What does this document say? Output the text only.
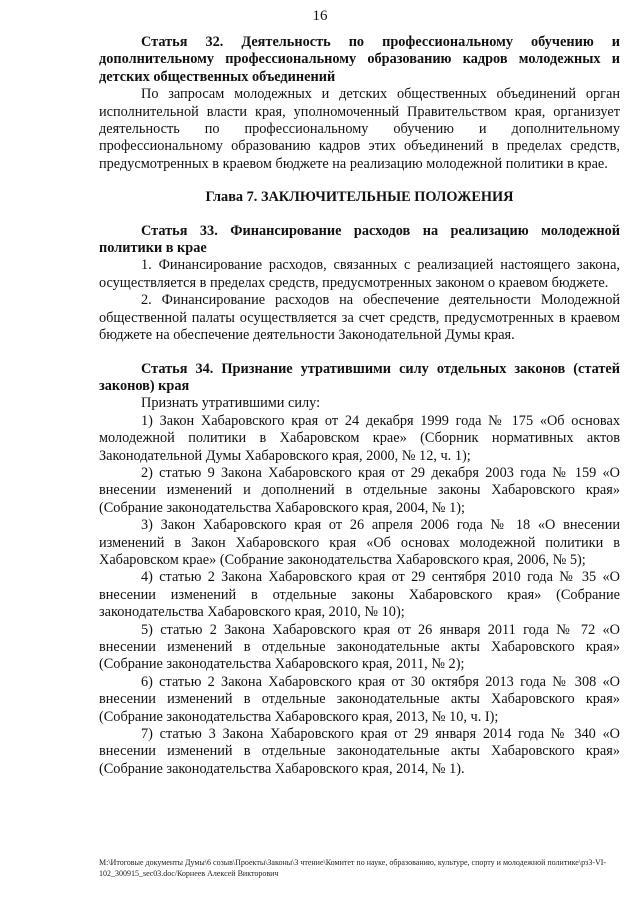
16
Статья 32. Деятельность по профессиональному обучению и дополнительному профессиональному образованию кадров молодежных и детских общественных объединений

По запросам молодежных и детских общественных объединений орган исполнительной власти края, уполномоченный Правительством края, организует деятельность по профессиональному обучению и дополнительному профессиональному образованию кадров этих объединений в пределах средств, предусмотренных в краевом бюджете на реализацию молодежной политики в крае.

Глава 7. ЗАКЛЮЧИТЕЛЬНЫЕ ПОЛОЖЕНИЯ
Статья 33. Финансирование расходов на реализацию молодежной политики в крае

1. Финансирование расходов, связанных с реализацией настоящего закона, осуществляется в пределах средств, предусмотренных законом о краевом бюджете.

2. Финансирование расходов на обеспечение деятельности Молодежной общественной палаты осуществляется за счет средств, предусмотренных в краевом бюджете на обеспечение деятельности Законодательной Думы края.

Статья 34. Признание утратившими силу отдельных законов (статей законов) края

Признать утратившими силу:

1) Закон Хабаровского края от 24 декабря 1999 года № 175 «Об основах молодежной политики в Хабаровском крае» (Сборник нормативных актов Законодательной Думы Хабаровского края, 2000, № 12, ч. 1);

2) статью 9 Закона Хабаровского края от 29 декабря 2003 года № 159 «О внесении изменений и дополнений в отдельные законы Хабаровского края» (Собрание законодательства Хабаровского края, 2004, № 1);

3) Закон Хабаровского края от 26 апреля 2006 года № 18 «О внесении изменений в Закон Хабаровского края «Об основах молодежной политики в Хабаровском крае» (Собрание законодательства Хабаровского края, 2006, № 5);

4) статью 2 Закона Хабаровского края от 29 сентября 2010 года № 35 «О внесении изменений в отдельные законы Хабаровского края» (Собрание законодательства Хабаровского края, 2010, № 10);

5) статью 2 Закона Хабаровского края от 26 января 2011 года № 72 «О внесении изменений в отдельные законодательные акты Хабаровского края» (Собрание законодательства Хабаровского края, 2011, № 2);

6) статью 2 Закона Хабаровского края от 30 октября 2013 года № 308 «О внесении изменений в отдельные законодательные акты Хабаровского края» (Собрание законодательства Хабаровского края, 2013, № 10, ч. I);

7) статью 3 Закона Хабаровского края от 29 января 2014 года № 340 «О внесении изменений в отдельные законодательные акты Хабаровского края» (Собрание законодательства Хабаровского края, 2014, № 1).

M:\Итоговые документы Думы\6 созыв\Проекты\Законы\3 чтение\Комитет по науке, образованию, культуре, спорту и молодежной политике\рз3-VI-102_300915_sec03.doc/Корнеев Алексей Викторович
